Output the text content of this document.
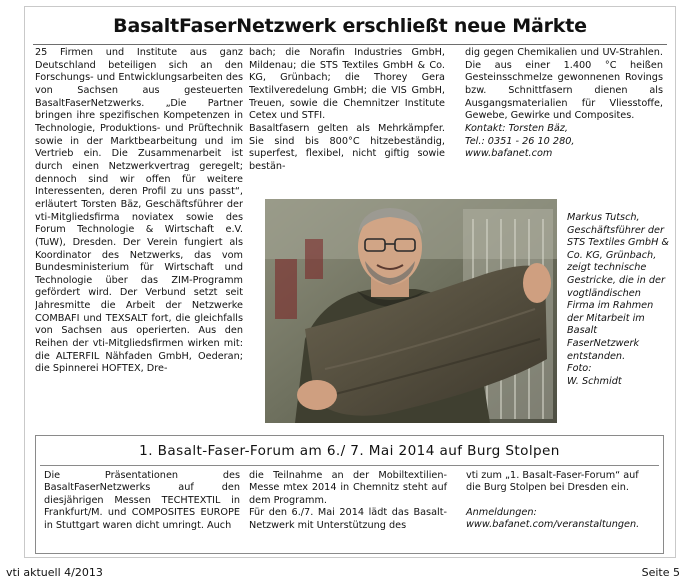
BasaltFaserNetzwerk erschließt neue Märkte

25 Firmen und Institute aus ganz Deutschland beteiligen sich an den Forschungs- und Entwicklungsarbeiten des von Sachsen aus gesteuerten BasaltFaserNetzwerks. „Die Partner bringen ihre spezifischen Kompetenzen in Technologie, Produktions- und Prüftechnik sowie in der Marktbearbeitung und im Vertrieb ein. Die Zusammenarbeit ist durch einen Netzwerkvertrag geregelt; dennoch sind wir offen für weitere Interessenten, deren Profil zu uns passt“, erläutert Torsten Bäz, Geschäftsführer der vti-Mitgliedsfirma noviatex sowie des Forum Technologie & Wirtschaft e.V. (TuW), Dresden. Der Verein fungiert als Koordinator des Netzwerks, das vom Bundesministerium für Wirtschaft und Technologie über das ZIM-Programm gefördert wird. Der Verbund setzt seit Jahresmitte die Arbeit der Netzwerke COMBAFI und TEXSALT fort, die gleichfalls von Sachsen aus operierten. Aus den Reihen der vti-Mitgliedsfirmen wirken mit: die ALTERFIL Nähfaden GmbH, Oederan; die Spinnerei HOFTEX, Dre-

bach; die Norafin Industries GmbH, Mildenau; die STS Textiles GmbH & Co. KG, Grünbach; die Thorey Gera Textilveredelung GmbH; die VIS GmbH, Treuen, sowie die Chemnitzer Institute Cetex und STFI.

Basaltfasern gelten als Mehrkämpfer. Sie sind bis 800°C hitzebeständig, superfest, flexibel, nicht giftig sowie bestän-

dig gegen Chemikalien und UV-Strahlen. Die aus einer 1.400 °C heißen Gesteinsschmelze gewonnenen Rovings bzw. Schnittfasern dienen als Ausgangsmaterialien für Vliesstoffe, Gewebe, Gewirke und Composites.

Kontakt: Torsten Bäz,

Tel.: 0351 - 26 10 280,

www.bafanet.com

Markus Tutsch, Geschäftsführer der STS Textiles GmbH & Co. KG, Grünbach, zeigt technische Gestricke, die in der vogtländischen Firma im Rahmen der Mitarbeit im Basalt FaserNetzwerk entstanden.
Foto:
W. Schmidt
1. Basalt-Faser-Forum am 6./ 7. Mai 2014 auf Burg Stolpen

Die Präsentationen des BasaltFaserNetzwerks auf den diesjährigen Messen TECHTEXTIL in Frankfurt/M. und COMPOSITES EUROPE in Stuttgart waren dicht umringt. Auch

die Teilnahme an der Mobiltextilien-Messe mtex 2014 in Chemnitz steht auf dem Programm.

Für den 6./7. Mai 2014 lädt das Basalt-Netzwerk mit Unterstützung des

vti zum „1. Basalt-Faser-Forum“ auf die Burg Stolpen bei Dresden ein.

Anmeldungen:

www.bafanet.com/veranstaltungen.

vti aktuell 4/2013	Seite 5
